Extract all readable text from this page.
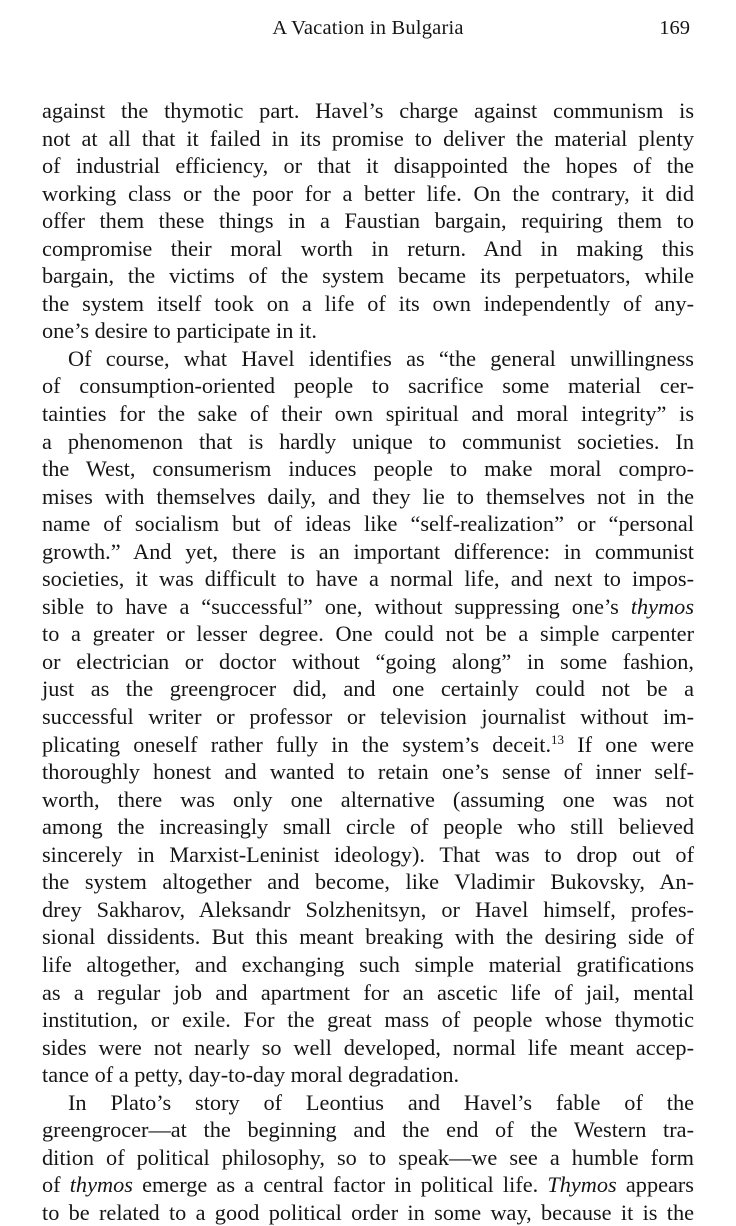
A Vacation in Bulgaria	169
against the thymotic part. Havel’s charge against communism is
not at all that it failed in its promise to deliver the material plenty
of industrial efficiency, or that it disappointed the hopes of the
working class or the poor for a better life. On the contrary, it did
offer them these things in a Faustian bargain, requiring them to
compromise their moral worth in return. And in making this
bargain, the victims of the system became its perpetuators, while
the system itself took on a life of its own independently of any-
one’s desire to participate in it.
Of course, what Havel identifies as “the general unwillingness
of consumption-oriented people to sacrifice some material cer-
tainties for the sake of their own spiritual and moral integrity” is
a phenomenon that is hardly unique to communist societies. In
the West, consumerism induces people to make moral compro-
mises with themselves daily, and they lie to themselves not in the
name of socialism but of ideas like “self-realization” or “personal
growth.” And yet, there is an important difference: in communist
societies, it was difficult to have a normal life, and next to impos-
sible to have a “successful” one, without suppressing one’s thymos
to a greater or lesser degree. One could not be a simple carpenter
or electrician or doctor without “going along” in some fashion,
just as the greengrocer did, and one certainly could not be a
successful writer or professor or television journalist without im-
plicating oneself rather fully in the system’s deceit.$^{13}$ If one were
thoroughly honest and wanted to retain one’s sense of inner self-
worth, there was only one alternative (assuming one was not
among the increasingly small circle of people who still believed
sincerely in Marxist-Leninist ideology). That was to drop out of
the system altogether and become, like Vladimir Bukovsky, An-
drey Sakharov, Aleksandr Solzhenitsyn, or Havel himself, profes-
sional dissidents. But this meant breaking with the desiring side of
life altogether, and exchanging such simple material gratifications
as a regular job and apartment for an ascetic life of jail, mental
institution, or exile. For the great mass of people whose thymotic
sides were not nearly so well developed, normal life meant accep-
tance of a petty, day-to-day moral degradation.
In Plato’s story of Leontius and Havel’s fable of the
greengrocer—at the beginning and the end of the Western tra-
dition of political philosophy, so to speak—we see a humble form
of thymos emerge as a central factor in political life. Thymos appears
to be related to a good political order in some way, because it is the
